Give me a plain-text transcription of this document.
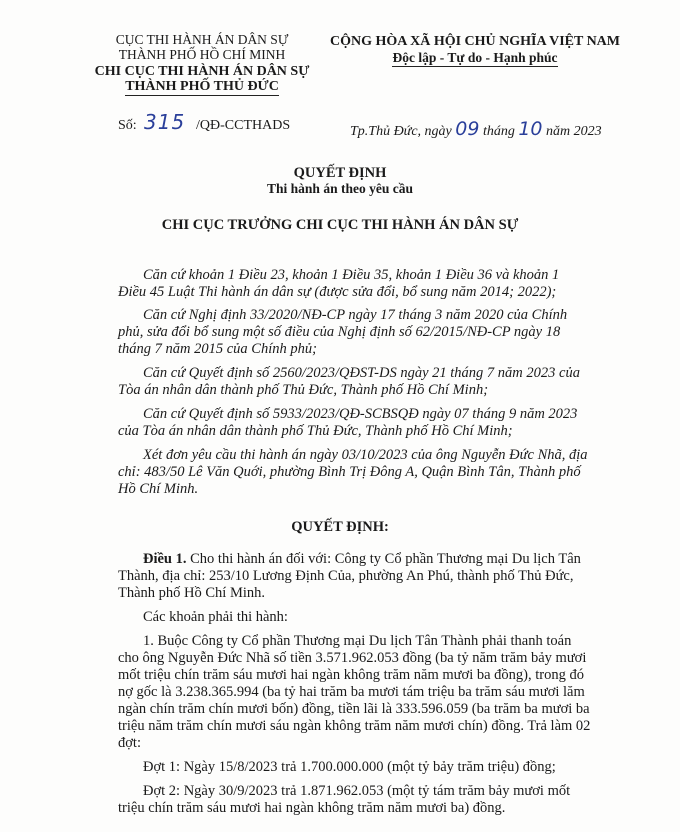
CỤC THI HÀNH ÁN DÂN SỰ
THÀNH PHỐ HỒ CHÍ MINH
CHI CỤC THI HÀNH ÁN DÂN SỰ
THÀNH PHỐ THỦ ĐỨC
CỘNG HÒA XÃ HỘI CHỦ NGHĨA VIỆT NAM
Độc lập - Tự do - Hạnh phúc
Số: 315 /QĐ-CCTHADS	Tp.Thủ Đức, ngày 09 tháng 10 năm 2023
QUYẾT ĐỊNH
Thi hành án theo yêu cầu
CHI CỤC TRƯỞNG CHI CỤC THI HÀNH ÁN DÂN SỰ
Căn cứ khoản 1 Điều 23, khoản 1 Điều 35, khoản 1 Điều 36 và khoản 1
Điều 45 Luật Thi hành án dân sự (được sửa đổi, bổ sung năm 2014; 2022);
Căn cứ Nghị định 33/2020/NĐ-CP ngày 17 tháng 3 năm 2020 của Chính
phủ, sửa đổi bổ sung một số điều của Nghị định số 62/2015/NĐ-CP ngày 18
tháng 7 năm 2015 của Chính phủ;
Căn cứ Quyết định số 2560/2023/QĐST-DS ngày 21 tháng 7 năm 2023 của
Tòa án nhân dân thành phố Thủ Đức, Thành phố Hồ Chí Minh;
Căn cứ Quyết định số 5933/2023/QĐ-SCBSQĐ ngày 07 tháng 9 năm 2023
của Tòa án nhân dân thành phố Thủ Đức, Thành phố Hồ Chí Minh;
Xét đơn yêu cầu thi hành án ngày 03/10/2023 của ông Nguyễn Đức Nhã, địa
chỉ: 483/50 Lê Văn Quới, phường Bình Trị Đông A, Quận Bình Tân, Thành phố
Hồ Chí Minh.
QUYẾT ĐỊNH:
Điều 1. Cho thi hành án đối với: Công ty Cổ phần Thương mại Du lịch Tân
Thành, địa chỉ: 253/10 Lương Định Của, phường An Phú, thành phố Thủ Đức,
Thành phố Hồ Chí Minh.
Các khoản phải thi hành:
1. Buộc Công ty Cổ phần Thương mại Du lịch Tân Thành phải thanh toán
cho ông Nguyễn Đức Nhã số tiền 3.571.962.053 đồng (ba tỷ năm trăm bảy mươi
mốt triệu chín trăm sáu mươi hai ngàn không trăm năm mươi ba đồng), trong đó
nợ gốc là 3.238.365.994 (ba tỷ hai trăm ba mươi tám triệu ba trăm sáu mươi lăm
ngàn chín trăm chín mươi bốn) đồng, tiền lãi là 333.596.059 (ba trăm ba mươi ba
triệu năm trăm chín mươi sáu ngàn không trăm năm mươi chín) đồng. Trả làm 02
đợt:
Đợt 1: Ngày 15/8/2023 trả 1.700.000.000 (một tỷ bảy trăm triệu) đồng;
Đợt 2: Ngày 30/9/2023 trả 1.871.962.053 (một tỷ tám trăm bảy mươi mốt
triệu chín trăm sáu mươi hai ngàn không trăm năm mươi ba) đồng.
